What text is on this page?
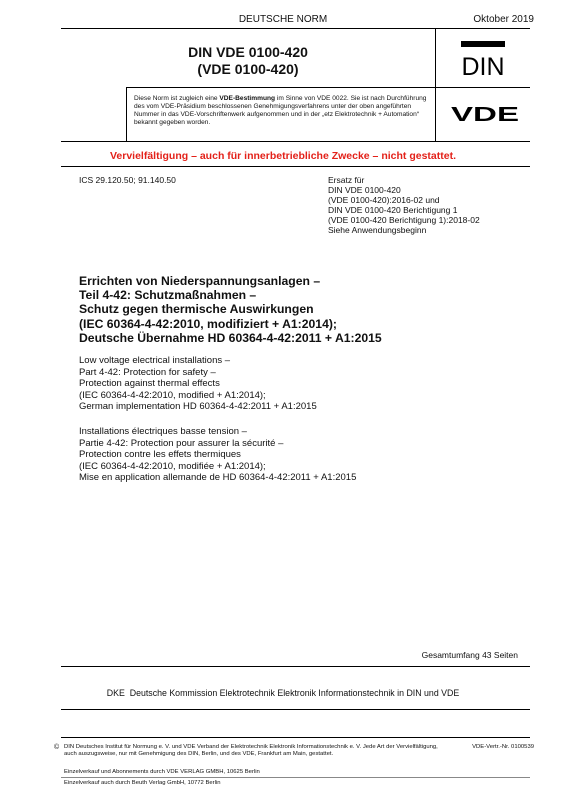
DEUTSCHE NORM	Oktober 2019
DIN VDE 0100-420
(VDE 0100-420)	DIN
Diese Norm ist zugleich eine VDE-Bestimmung im Sinne von VDE 0022. Sie ist nach Durchführung des vom VDE-Präsidium beschlossenen Genehmigungsverfahrens unter der oben angeführten Nummer in das VDE-Vorschriftenwerk aufgenommen und in der „etz Elektrotechnik + Automation“ bekannt gegeben worden.	VDE
Vervielfältigung – auch für innerbetriebliche Zwecke – nicht gestattet.
ICS 29.120.50; 91.140.50	Ersatz für
DIN VDE 0100-420
(VDE 0100-420):2016-02 und
DIN VDE 0100-420 Berichtigung 1
(VDE 0100-420 Berichtigung 1):2018-02
Siehe Anwendungsbeginn
Errichten von Niederspannungsanlagen –
Teil 4-42: Schutzmaßnahmen –
Schutz gegen thermische Auswirkungen
(IEC 60364-4-42:2010, modifiziert + A1:2014);
Deutsche Übernahme HD 60364-4-42:2011 + A1:2015
Low voltage electrical installations –
Part 4-42: Protection for safety –
Protection against thermal effects
(IEC 60364-4-42:2010, modified + A1:2014);
German implementation HD 60364-4-42:2011 + A1:2015
Installations électriques basse tension –
Partie 4-42: Protection pour assurer la sécurité –
Protection contre les effets thermiques
(IEC 60364-4-42:2010, modifiée + A1:2014);
Mise en application allemande de HD 60364-4-42:2011 + A1:2015
Gesamtumfang 43 Seiten
DKE  Deutsche Kommission Elektrotechnik Elektronik Informationstechnik in DIN und VDE
© DIN Deutsches Institut für Normung e. V. und VDE Verband der Elektrotechnik Elektronik Informationstechnik e. V. Jede Art der Vervielfältigung, auch auszugsweise, nur mit Genehmigung des DIN, Berlin, und des VDE, Frankfurt am Main, gestattet.
VDE-Vertr.-Nr. 0100539
Einzelverkauf und Abonnements durch VDE VERLAG GMBH, 10625 Berlin
Einzelverkauf auch durch Beuth Verlag GmbH, 10772 Berlin
